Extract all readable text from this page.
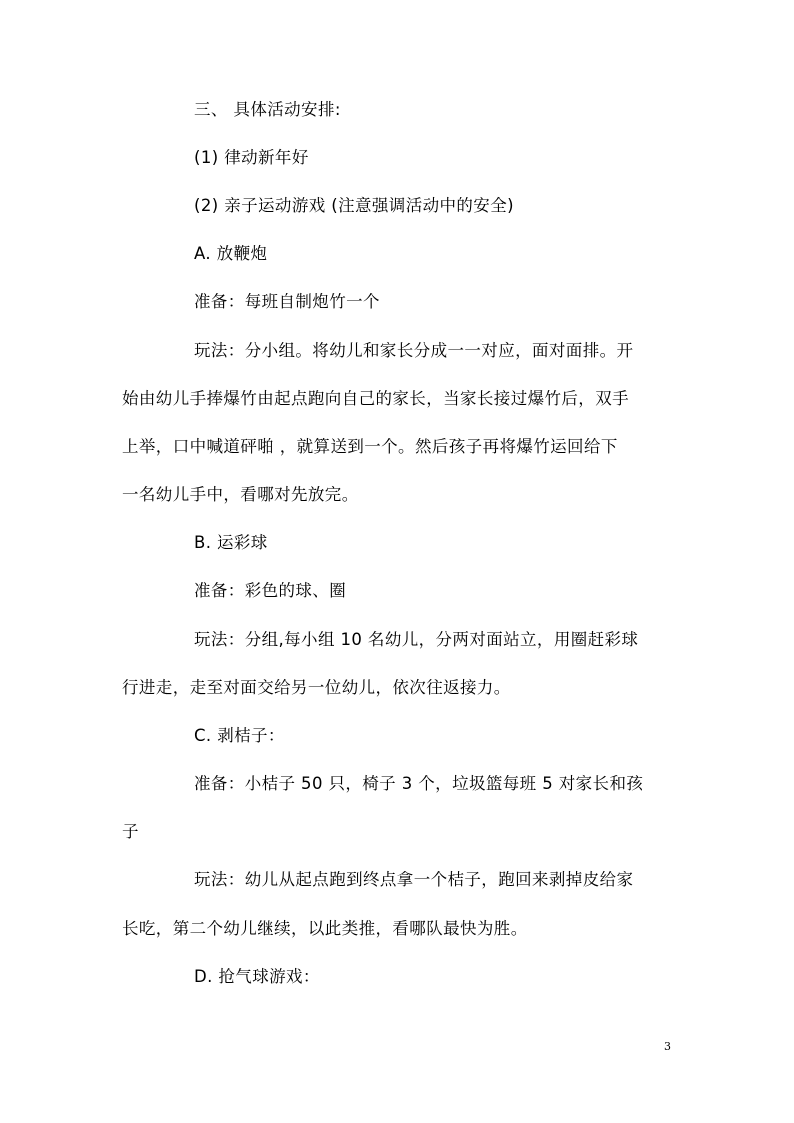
三、 具体活动安排:
(1) 律动新年好
(2) 亲子运动游戏 (注意强调活动中的安全)
A. 放鞭炮
准备：每班自制炮竹一个
玩法：分小组。将幼儿和家长分成一一对应，面对面排。开
始由幼儿手捧爆竹由起点跑向自己的家长，当家长接过爆竹后，双手
上举，口中喊道砰啪 ，就算送到一个。然后孩子再将爆竹运回给下
一名幼儿手中，看哪对先放完。
B. 运彩球
准备：彩色的球、圈
玩法：分组,每小组 10 名幼儿，分两对面站立，用圈赶彩球
行进走，走至对面交给另一位幼儿，依次往返接力。
C. 剥桔子：
准备：小桔子 50 只，椅子 3 个，垃圾篮每班 5 对家长和孩
子
玩法：幼儿从起点跑到终点拿一个桔子，跑回来剥掉皮给家
长吃，第二个幼儿继续，以此类推，看哪队最快为胜。
D. 抢气球游戏：
3
